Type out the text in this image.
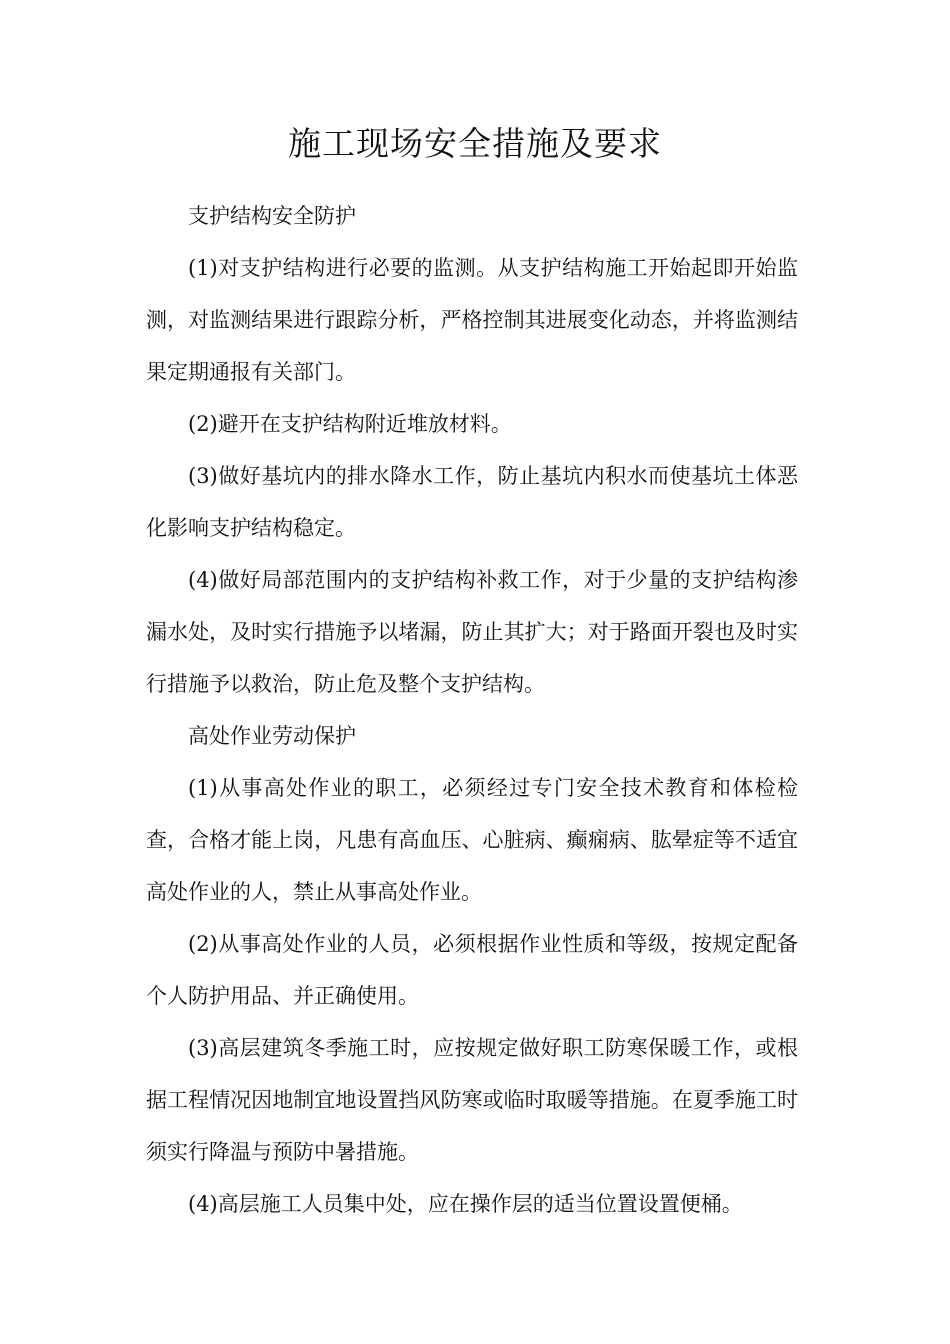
施工现场安全措施及要求

支护结构安全防护

(1)对支护结构进行必要的监测。从支护结构施工开始起即开始监测，对监测结果进行跟踪分析，严格控制其进展变化动态，并将监测结果定期通报有关部门。

(2)避开在支护结构附近堆放材料。

(3)做好基坑内的排水降水工作，防止基坑内积水而使基坑土体恶化影响支护结构稳定。

(4)做好局部范围内的支护结构补救工作，对于少量的支护结构渗漏水处，及时实行措施予以堵漏，防止其扩大；对于路面开裂也及时实行措施予以救治，防止危及整个支护结构。

高处作业劳动保护

(1)从事高处作业的职工，必须经过专门安全技术教育和体检检查，合格才能上岗，凡患有高血压、心脏病、癫痫病、肱晕症等不适宜高处作业的人，禁止从事高处作业。

(2)从事高处作业的人员，必须根据作业性质和等级，按规定配备个人防护用品、并正确使用。

(3)高层建筑冬季施工时，应按规定做好职工防寒保暖工作，或根据工程情况因地制宜地设置挡风防寒或临时取暖等措施。在夏季施工时须实行降温与预防中暑措施。

(4)高层施工人员集中处，应在操作层的适当位置设置便桶。
